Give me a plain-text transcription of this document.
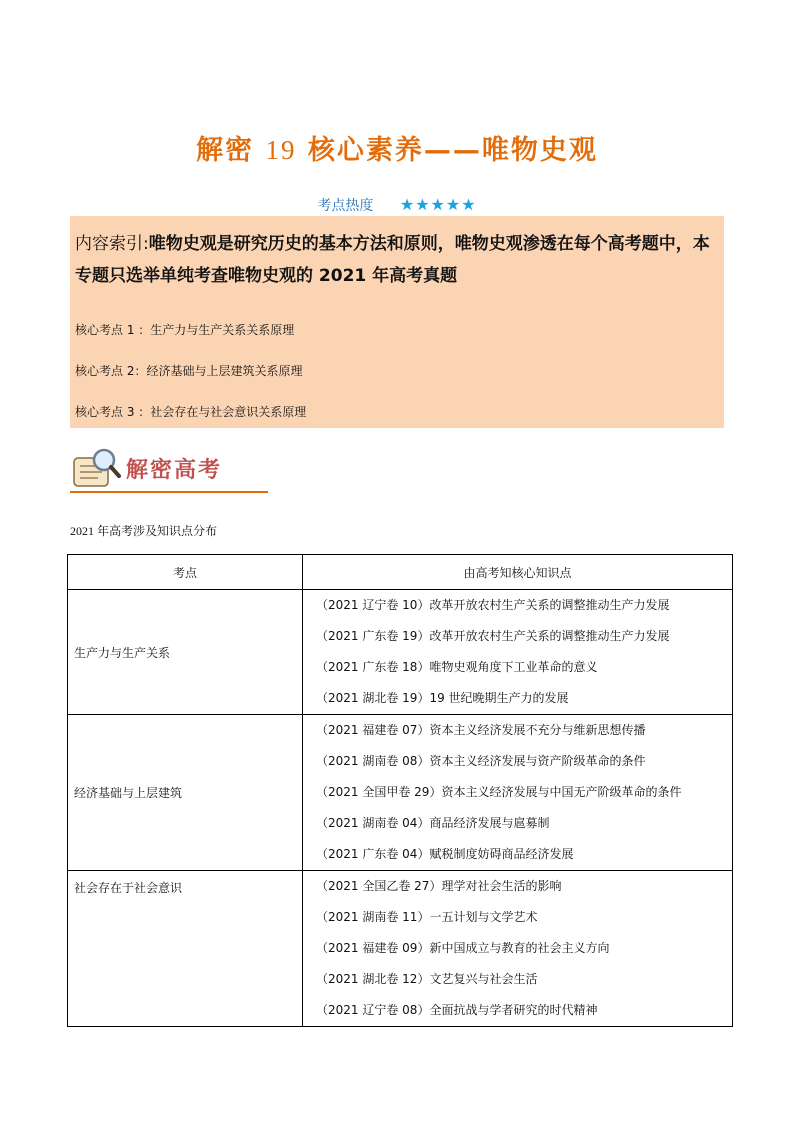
解密 19 核心素养——唯物史观
考点热度 ★★★★★
内容索引:唯物史观是研究历史的基本方法和原则，唯物史观渗透在每个高考题中，本专题只选举单纯考查唯物史观的 2021 年高考真题
核心考点 1 ：生产力与生产关系关系原理
核心考点 2：经济基础与上层建筑关系原理
核心考点 3 ：社会存在与社会意识关系原理
解密高考
2021 年高考涉及知识点分布
考点	由高考知核心知识点
生产力与生产关系	（2021 辽宁卷 10）改革开放农村生产关系的调整推动生产力发展
（2021 广东卷 19）改革开放农村生产关系的调整推动生产力发展
（2021 广东卷 18）唯物史观角度下工业革命的意义
（2021 湖北卷 19）19 世纪晚期生产力的发展

经济基础与上层建筑	（2021 福建卷 07）资本主义经济发展不充分与维新思想传播
（2021 湖南卷 08）资本主义经济发展与资产阶级革命的条件
（2021 全国甲卷 29）资本主义经济发展与中国无产阶级革命的条件
（2021 湖南卷 04）商品经济发展与扈募制
（2021 广东卷 04）赋税制度妨碍商品经济发展

社会存在于社会意识	（2021 全国乙卷 27）理学对社会生活的影响
（2021 湖南卷 11）一五计划与文学艺术
（2021 福建卷 09）新中国成立与教育的社会主义方向
（2021 湖北卷 12）文艺复兴与社会生活
（2021 辽宁卷 08）全面抗战与学者研究的时代精神
